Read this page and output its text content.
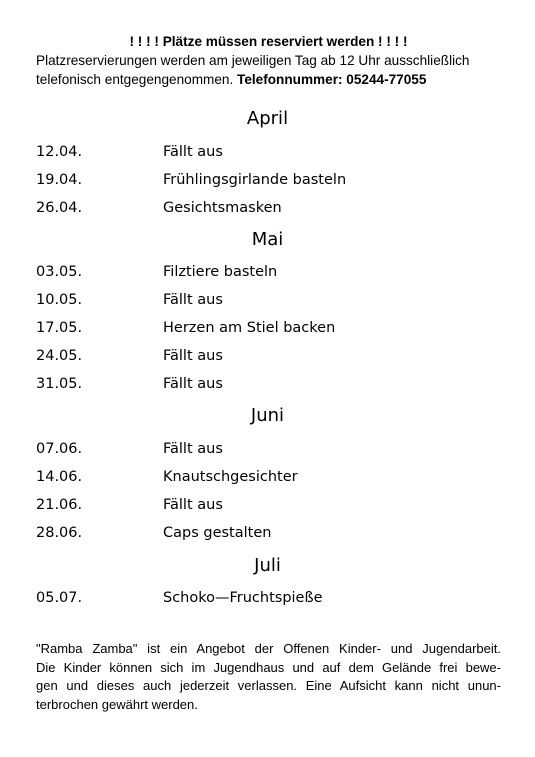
! ! ! ! Plätze müssen reserviert werden ! ! ! !
Platzreservierungen werden am jeweiligen Tag ab 12 Uhr ausschließlich
telefonisch entgegengenommen. Telefonnummer: 05244-77055
April
12.04.	Fällt aus
19.04.	Frühlingsgirlande basteln
26.04.	Gesichtsmasken
Mai
03.05.	Filztiere basteln
10.05.	Fällt aus
17.05.	Herzen am Stiel backen
24.05.	Fällt aus
31.05.	Fällt aus
Juni
07.06.	Fällt aus
14.06.	Knautschgesichter
21.06.	Fällt aus
28.06.	Caps gestalten
Juli
05.07.	Schoko—Fruchtspieße

"Ramba Zamba" ist ein Angebot der Offenen Kinder- und Jugendarbeit.

Die Kinder können sich im Jugendhaus und auf dem Gelände frei bewe-

gen und dieses auch jederzeit verlassen. Eine Aufsicht kann nicht unun-

terbrochen gewährt werden.
